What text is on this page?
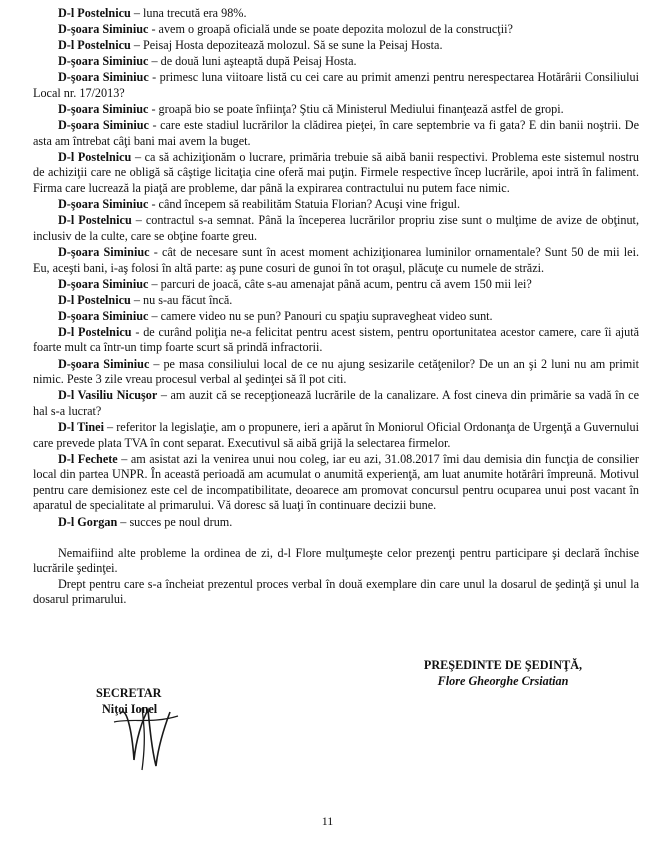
D-l Postelnicu – luna trecută era 98%.

D-şoara Siminiuc - avem o groapă oficială unde se poate depozita molozul de la construcţii?

D-l Postelnicu – Peisaj Hosta depozitează molozul. Să se sune la Peisaj Hosta.

D-şoara Siminiuc – de două luni aşteaptă după Peisaj Hosta.

D-şoara Siminiuc - primesc luna viitoare listă cu cei care au primit amenzi pentru nerespectarea Hotărârii Consiliului Local nr. 17/2013?

D-şoara Siminiuc - groapă bio se poate înfiinţa? Ştiu că Ministerul Mediului finanţează astfel de gropi.

D-şoara Siminiuc - care este stadiul lucrărilor la clădirea pieţei, în care septembrie va fi gata? E din banii noştrii. De asta am întrebat câţi bani mai avem la buget.

D-l Postelnicu – ca să achiziţionăm o lucrare, primăria trebuie să aibă banii respectivi. Problema este sistemul nostru de achiziţii care ne obligă să câştige licitaţia cine oferă mai puţin. Firmele respective încep lucrările, apoi intră în faliment. Firma care lucrează la piaţă are probleme, dar până la expirarea contractului nu putem face nimic.

D-şoara Siminiuc - când începem să reabilităm Statuia Florian? Acuşi vine frigul.

D-l Postelnicu – contractul s-a semnat. Până la începerea lucrărilor propriu zise sunt o mulţime de avize de obţinut, inclusiv de la culte, care se obţine foarte greu.

D-şoara Siminiuc - cât de necesare sunt în acest moment achiziţionarea luminilor ornamentale? Sunt 50 de mii lei. Eu, aceşti bani, i-aş folosi în altă parte: aş pune cosuri de gunoi în tot oraşul, plăcuţe cu numele de străzi.

D-şoara Siminiuc – parcuri de joacă, câte s-au amenajat până acum, pentru că avem 150 mii lei?

D-l Postelnicu – nu s-au făcut încă.

D-şoara Siminiuc – camere video nu se pun? Panouri cu spaţiu supravegheat video sunt.

D-l Postelnicu - de curând poliţia ne-a felicitat pentru acest sistem, pentru oportunitatea acestor camere, care îi ajută foarte mult ca într-un timp foarte scurt să prindă infractorii.

D-şoara Siminiuc – pe masa consiliului local de ce nu ajung sesizarile cetăţenilor? De un an şi 2 luni nu am primit nimic. Peste 3 zile vreau procesul verbal al şedinţei să îl pot citi.

D-l Vasiliu Nicuşor – am auzit că se recepţionează lucrările de la canalizare. A fost cineva din primărie sa vadă în ce hal s-a lucrat?

D-l Tinei – referitor la legislaţie, am o propunere, ieri a apărut în Moniorul Oficial Ordonanţa de Urgenţă a Guvernului care prevede plata TVA în cont separat. Executivul să aibă grijă la selectarea firmelor.

D-l Fechete – am asistat azi la venirea unui nou coleg, iar eu azi, 31.08.2017 îmi dau demisia din funcţia de consilier local din partea UNPR. În această perioadă am acumulat o anumită experienţă, am luat anumite hotărâri împreună. Motivul pentru care demisionez este cel de incompatibilitate, deoarece am promovat concursul pentru ocuparea unui post vacant în aparatul de specialitate al primarului. Vă doresc să luaţi în continuare decizii bune.

D-l Gorgan – succes pe noul drum.

Nemaifiind alte probleme la ordinea de zi, d-l Flore mulţumeşte celor prezenţi pentru participare şi declară închise lucrările şedinţei.

Drept pentru care s-a încheiat prezentul proces verbal în două exemplare din care unul la dosarul de şedinţă şi unul la dosarul primarului.

PREŞEDINTE DE ŞEDINŢĂ,
Flore Gheorghe Crsiatian
SECRETAR
Niţoi Ionel
11
